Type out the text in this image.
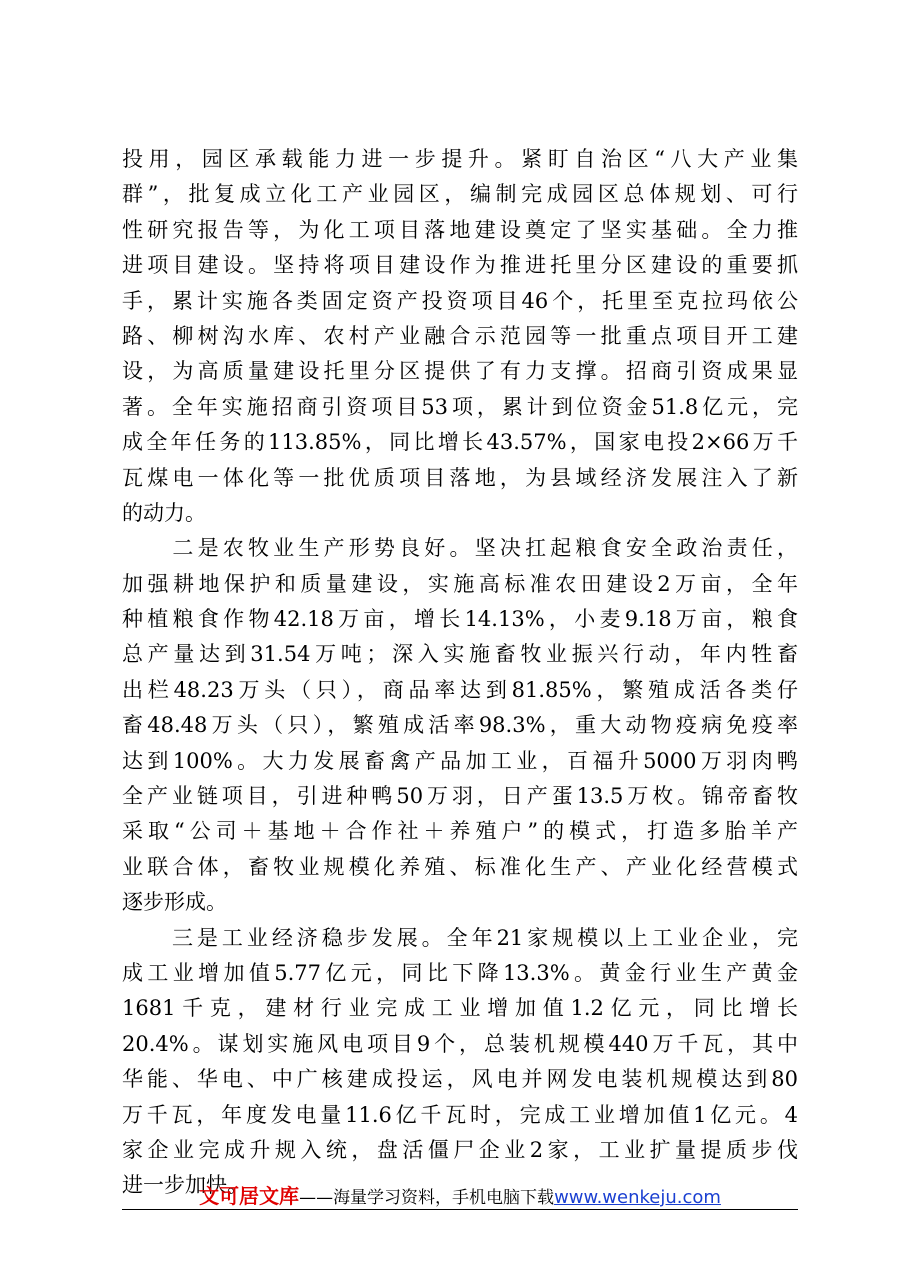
投用，园区承载能力进一步提升。紧盯自治区“八大产业集
群”，批复成立化工产业园区，编制完成园区总体规划、可行
性研究报告等，为化工项目落地建设奠定了坚实基础。全力推
进项目建设。坚持将项目建设作为推进托里分区建设的重要抓
手，累计实施各类固定资产投资项目46个，托里至克拉玛依公
路、柳树沟水库、农村产业融合示范园等一批重点项目开工建
设，为高质量建设托里分区提供了有力支撑。招商引资成果显
著。全年实施招商引资项目53项，累计到位资金51.8亿元，完
成全年任务的113.85%，同比增长43.57%，国家电投2×66万千
瓦煤电一体化等一批优质项目落地，为县域经济发展注入了新
的动力。
　　二是农牧业生产形势良好。坚决扛起粮食安全政治责任，
加强耕地保护和质量建设，实施高标准农田建设2万亩，全年
种植粮食作物42.18万亩，增长14.13%，小麦9.18万亩，粮食
总产量达到31.54万吨；深入实施畜牧业振兴行动，年内牲畜
出栏48.23万头（只），商品率达到81.85%，繁殖成活各类仔
畜48.48万头（只），繁殖成活率98.3%，重大动物疫病免疫率
达到100%。大力发展畜禽产品加工业，百福升5000万羽肉鸭
全产业链项目，引进种鸭50万羽，日产蛋13.5万枚。锦帝畜牧
采取“公司＋基地＋合作社＋养殖户”的模式，打造多胎羊产
业联合体，畜牧业规模化养殖、标准化生产、产业化经营模式
逐步形成。
　　三是工业经济稳步发展。全年21家规模以上工业企业，完
成工业增加值5.77亿元，同比下降13.3%。黄金行业生产黄金
1681千克，建材行业完成工业增加值1.2亿元，同比增长
20.4%。谋划实施风电项目9个，总装机规模440万千瓦，其中
华能、华电、中广核建成投运，风电并网发电装机规模达到80
万千瓦，年度发电量11.6亿千瓦时，完成工业增加值1亿元。4
家企业完成升规入统，盘活僵尸企业2家，工业扩量提质步伐
进一步加快。
文可居文库——海量学习资料，手机电脑下载www.wenkeju.com
